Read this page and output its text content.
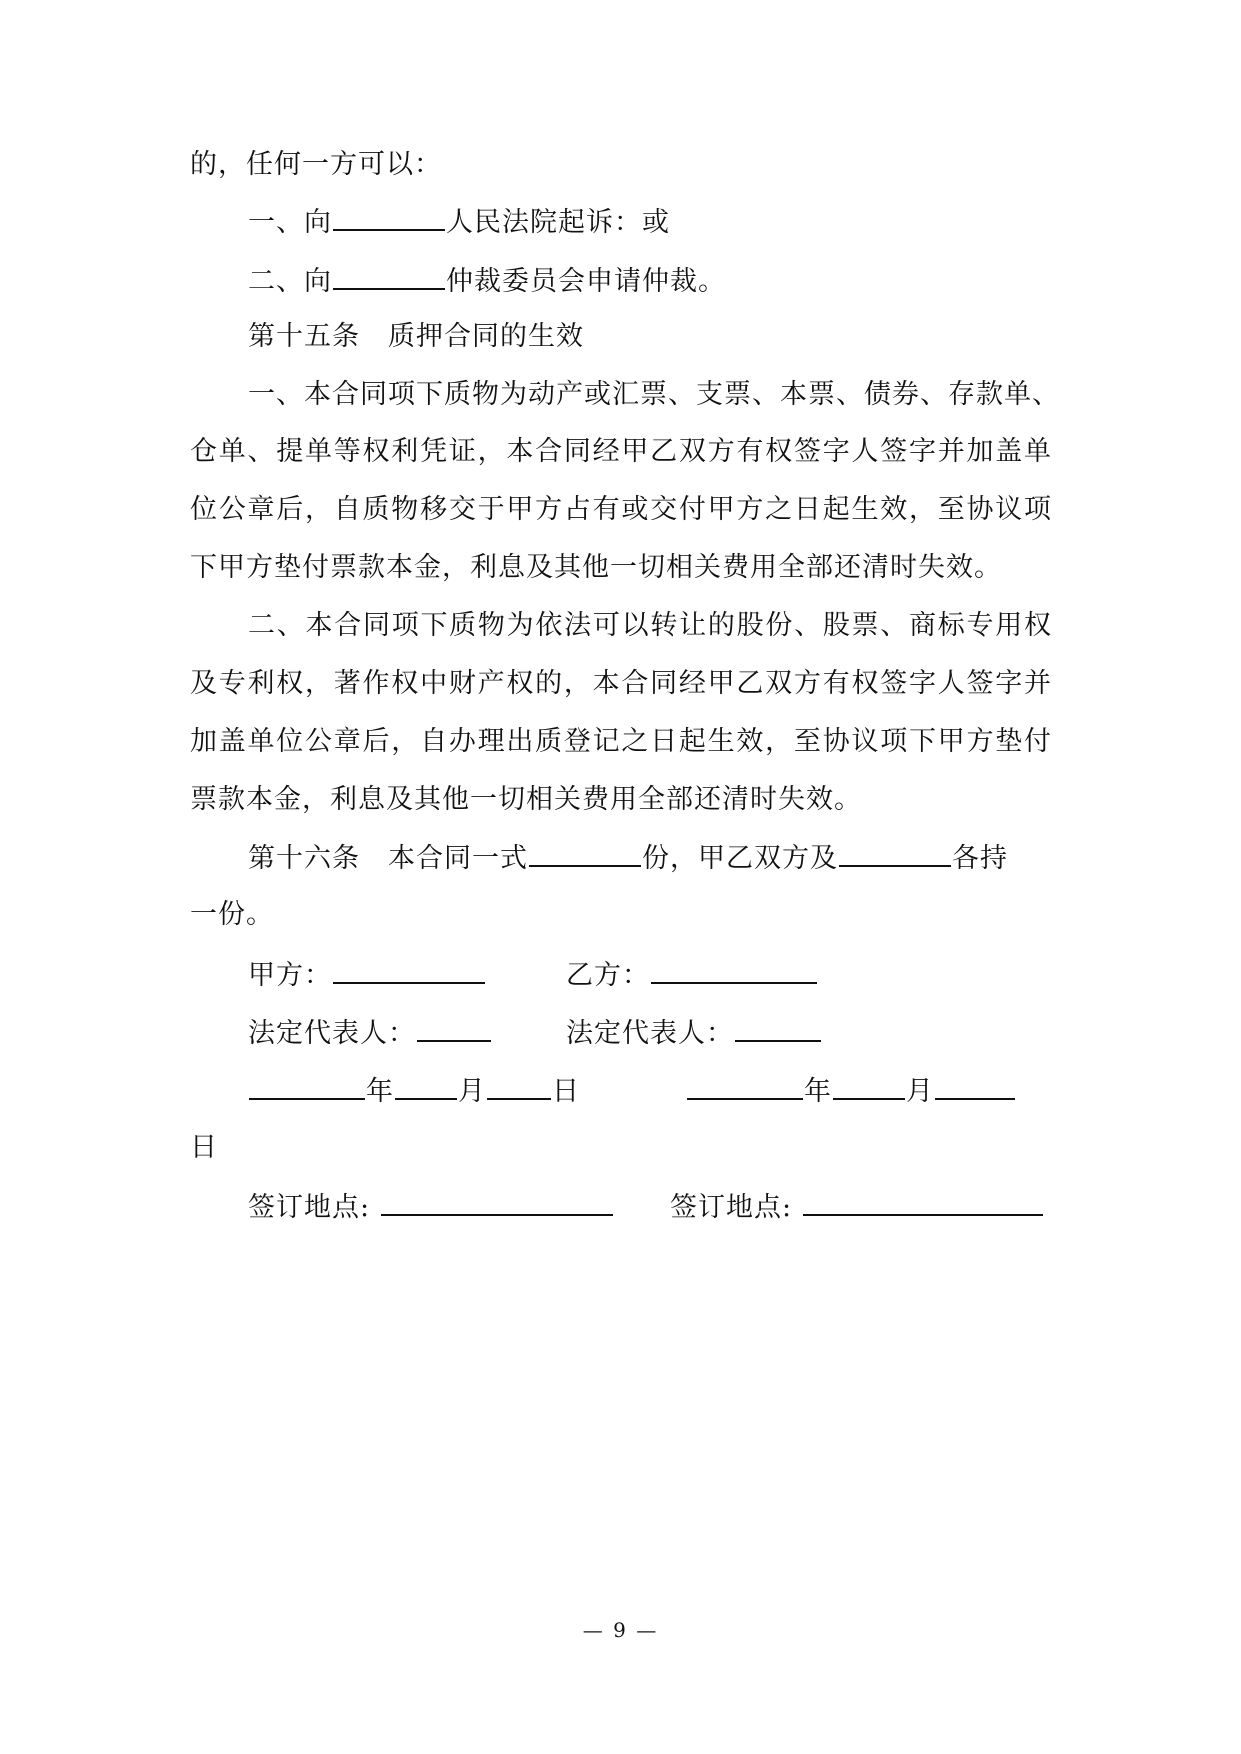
的，任何一方可以：
一、向	人民法院起诉：或
二、向	仲裁委员会申请仲裁。
第十五条 质押合同的生效
一、本合同项下质物为动产或汇票、支票、本票、债券、存款单、
仓单、提单等权利凭证，本合同经甲乙双方有权签字人签字并加盖单
位公章后，自质物移交于甲方占有或交付甲方之日起生效，至协议项
下甲方垫付票款本金，利息及其他一切相关费用全部还清时失效。
二、本合同项下质物为依法可以转让的股份、股票、商标专用权
及专利权，著作权中财产权的，本合同经甲乙双方有权签字人签字并
加盖单位公章后，自办理出质登记之日起生效，至协议项下甲方垫付
票款本金，利息及其他一切相关费用全部还清时失效。
第十六条 本合同一式	份，甲乙双方及	各持
一份。
甲方：	乙方：
法定代表人：	法定代表人：
年 月 日	年	月
日
签订地点:	签订地点:
— 9 —
